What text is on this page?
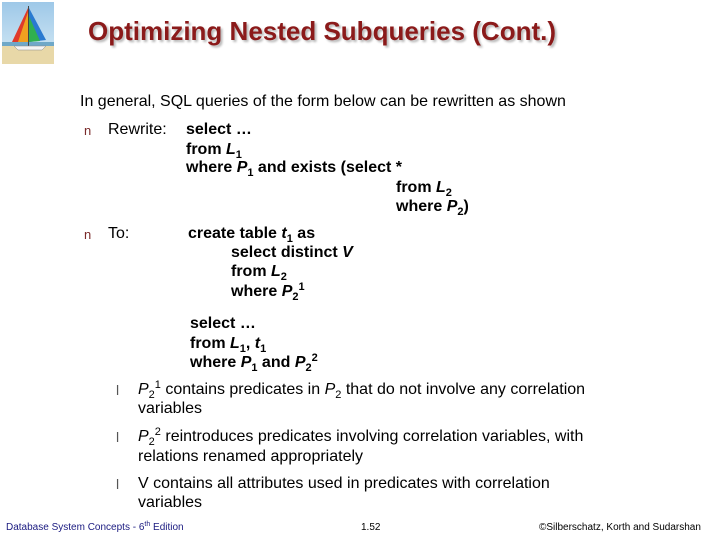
Optimizing Nested Subqueries (Cont.)
In general, SQL queries of the form below can be rewritten as shown
n Rewrite: select …
from $L_1$
where $P_1$ and exists (select *
from $L_2$
where $P_2$)
n To:	create table $t_1$ as
select distinct V
from $L_2$
where $P_2^1$
select …
from $L_1$, $t_1$
where $P_1$ and $P_2^2$
l	$P_2^1$ contains predicates in $P_2$ that do not involve any correlation
variables
l	$P_2^2$ reintroduces predicates involving correlation variables, with
relations renamed appropriately
l	V contains all attributes used in predicates with correlation
variables
Database System Concepts - 6th Edition	1.52	©Silberschatz, Korth and Sudarshan
